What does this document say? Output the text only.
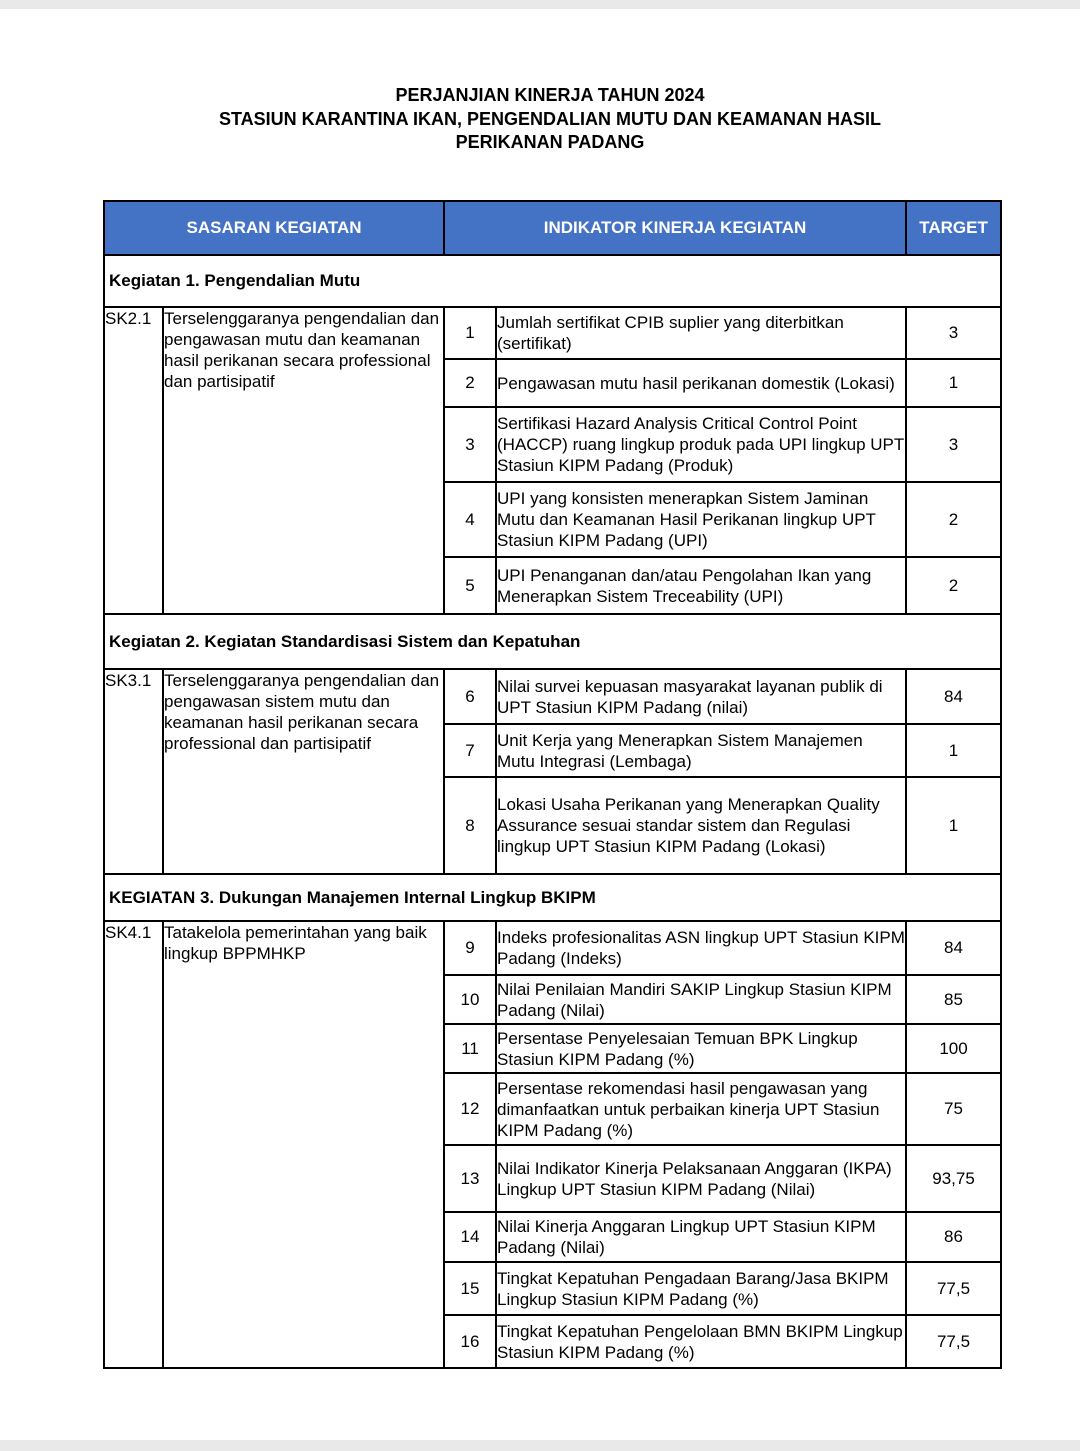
PERJANJIAN KINERJA TAHUN 2024
STASIUN KARANTINA IKAN, PENGENDALIAN MUTU DAN KEAMANAN HASIL
PERIKANAN PADANG
SASARAN KEGIATAN		INDIKATOR KINERJA KEGIATAN		TARGET
Kegiatan 1. Pengendalian Mutu				
SK2.1	Terselenggaranya pengendalian dan pengawasan mutu dan keamanan hasil perikanan secara professional dan partisipatif	1	Jumlah sertifikat CPIB suplier yang diterbitkan (sertifikat)	3
		2	Pengawasan mutu hasil perikanan domestik (Lokasi)	1
		3	Sertifikasi Hazard Analysis Critical Control Point (HACCP) ruang lingkup produk pada UPI lingkup UPT Stasiun KIPM Padang (Produk)	3
		4	UPI yang konsisten menerapkan Sistem Jaminan Mutu dan Keamanan Hasil Perikanan lingkup UPT Stasiun KIPM Padang (UPI)	2
		5	UPI Penanganan dan/atau Pengolahan Ikan yang Menerapkan Sistem Treceability (UPI)	2
Kegiatan 2. Kegiatan Standardisasi Sistem dan Kepatuhan				
SK3.1	Terselenggaranya pengendalian dan pengawasan sistem mutu dan keamanan hasil perikanan secara professional dan partisipatif	6	Nilai survei kepuasan masyarakat layanan publik di UPT Stasiun KIPM Padang (nilai)	84
		7	Unit Kerja yang Menerapkan Sistem Manajemen Mutu Integrasi (Lembaga)	1
		8	Lokasi Usaha Perikanan yang Menerapkan Quality Assurance sesuai standar sistem dan Regulasi lingkup UPT Stasiun KIPM Padang (Lokasi)	1
KEGIATAN 3. Dukungan Manajemen Internal Lingkup BKIPM				
SK4.1	Tatakelola pemerintahan yang baik lingkup BPPMHKP	9	Indeks profesionalitas ASN lingkup UPT Stasiun KIPM Padang (Indeks)	84
		10	Nilai Penilaian Mandiri SAKIP Lingkup Stasiun KIPM Padang (Nilai)	85
		11	Persentase Penyelesaian Temuan BPK Lingkup Stasiun KIPM Padang (%)	100
		12	Persentase rekomendasi hasil pengawasan yang dimanfaatkan untuk perbaikan kinerja UPT Stasiun KIPM Padang (%)	75
		13	Nilai Indikator Kinerja Pelaksanaan Anggaran (IKPA) Lingkup UPT Stasiun KIPM Padang (Nilai)	93,75
		14	Nilai Kinerja Anggaran Lingkup UPT Stasiun KIPM Padang (Nilai)	86
		15	Tingkat Kepatuhan Pengadaan Barang/Jasa BKIPM Lingkup Stasiun KIPM Padang (%)	77,5
		16	Tingkat Kepatuhan Pengelolaan BMN BKIPM Lingkup Stasiun KIPM Padang (%)	77,5
